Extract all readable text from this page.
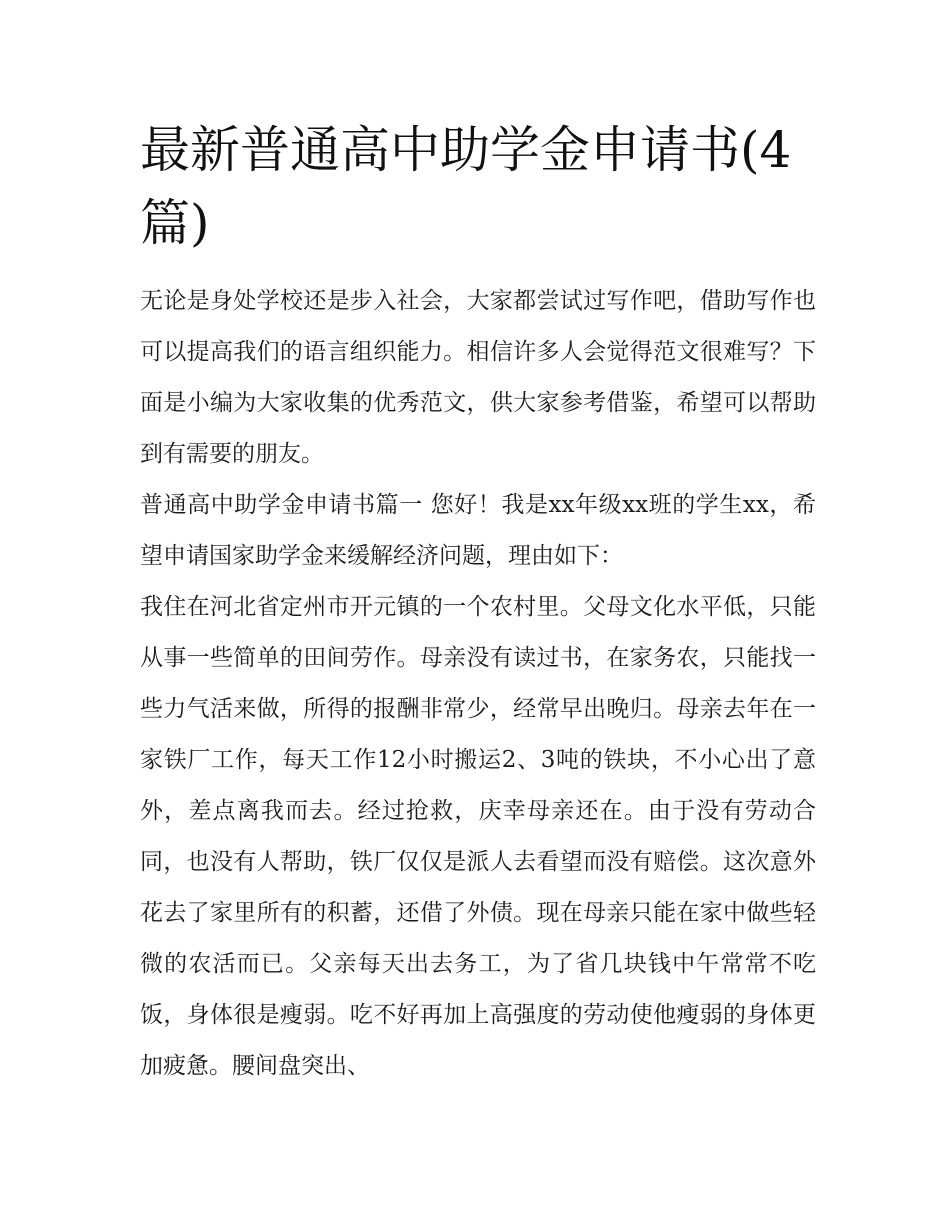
最新普通高中助学金申请书(4篇)

无论是身处学校还是步入社会，大家都尝试过写作吧，借助写作也可以提高我们的语言组织能力。相信许多人会觉得范文很难写？下面是小编为大家收集的优秀范文，供大家参考借鉴，希望可以帮助到有需要的朋友。

普通高中助学金申请书篇一 您好！我是xx年级xx班的学生xx，希望申请国家助学金来缓解经济问题，理由如下：

我住在河北省定州市开元镇的一个农村里。父母文化水平低，只能从事一些简单的田间劳作。母亲没有读过书，在家务农，只能找一些力气活来做，所得的报酬非常少，经常早出晚归。母亲去年在一家铁厂工作，每天工作12小时搬运2、3吨的铁块，不小心出了意外，差点离我而去。经过抢救，庆幸母亲还在。由于没有劳动合同，也没有人帮助，铁厂仅仅是派人去看望而没有赔偿。这次意外花去了家里所有的积蓄，还借了外债。现在母亲只能在家中做些轻微的农活而已。父亲每天出去务工，为了省几块钱中午常常不吃饭，身体很是瘦弱。吃不好再加上高强度的劳动使他瘦弱的身体更加疲惫。腰间盘突出、
